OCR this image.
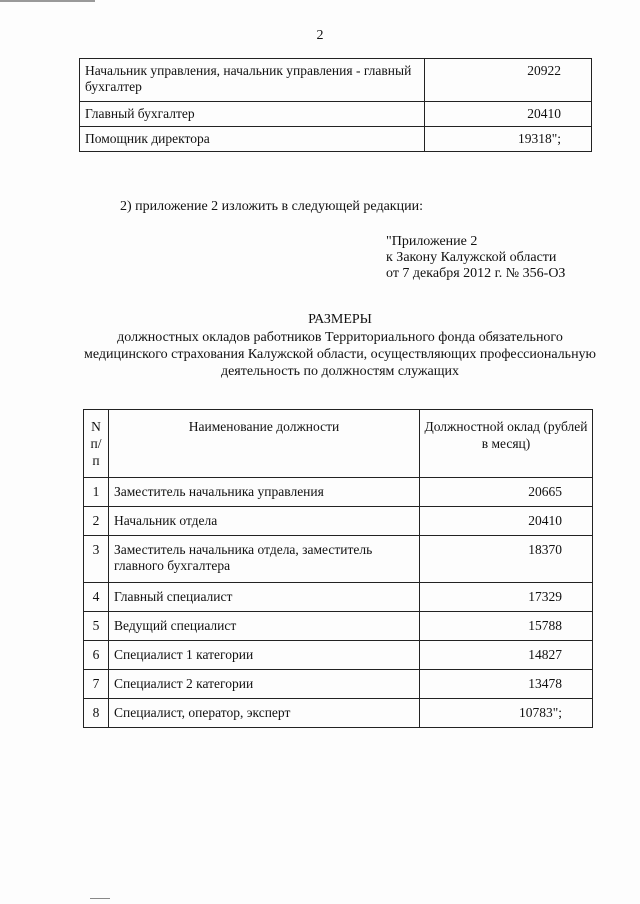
2
Начальник управления, начальник управления - главный бухгалтер	20922
Главный бухгалтер	20410
Помощник директора	19318";
2) приложение 2 изложить в следующей редакции:
"Приложение 2
к Закону Калужской области
от 7 декабря 2012 г. № 356-ОЗ
РАЗМЕРЫ
должностных окладов работников Территориального фонда обязательного медицинского страхования Калужской области, осуществляющих профессиональную деятельность по должностям служащих
N п/п	Наименование должности	Должностной оклад (рублей в месяц)
1	Заместитель начальника управления	20665
2	Начальник отдела	20410
3	Заместитель начальника отдела, заместитель главного бухгалтера	18370
4	Главный специалист	17329
5	Ведущий специалист	15788
6	Специалист 1 категории	14827
7	Специалист 2 категории	13478
8	Специалист, оператор, эксперт	10783";
